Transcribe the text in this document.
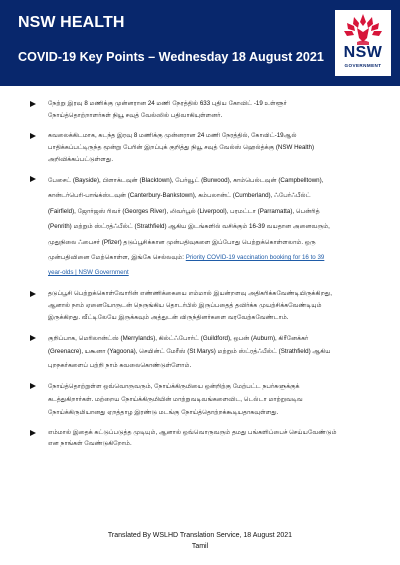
NSW HEALTH
COVID-19 Key Points – Wednesday 18 August 2021	NSW
GOVERNMENT
நேற்று இரவு 8 மணிக்கு முன்னரான 24 மணி நேரத்தில் 633 புதிய கோவிட் -19 உள்ளூர்
நோய்த்தொற்றாளர்கள் நியூ சவுத் வேல்ஸில் பதிவாகியுள்ளனர்.
கவலைக்கிடமாக, கடந்த இரவு 8 மணிக்கு முன்னரான 24 மணி நேரத்தில், கோவிட்-19ஆல்
பாதிக்கப்பட்டிருந்த மூன்று பேரின் இறப்புக் குறித்து நியூ சவுத் வேல்ஸ் ஹெல்த்க்கு (NSW Health)
அறிவிக்கப்பட்டுள்ளது.
பேசைட் (Bayside), பிளாக்டவுன் (Blacktown), பேர்வூட் (Burwood), காம்பெல்டவுன் (Campbelltown),
கான்டர்பெரி-பாங்க்ஸ்டவுன் (Canterbury-Bankstown), கம்பலான்ட் (Cumberland), ஃபேர்ஃபீல்ட்
(Fairfield), ஜோர்ஜஸ் ரிவர் (Georges River), லிவர்பூல் (Liverpool), பரமட்டா (Parramatta), பென்ரித்
(Penrith) மற்றும் ஸ்ட்ரத்ஃபீல்ட் (Strathfield) ஆகிய இடங்களில் வசிக்கும் 16-39 வயதான அனைவரும்,
முதுநிலை ஃபைசர் (Pfizer) தடுப்பூசிக்கான முன்பதிவுகளை இப்போது பெற்றுக்கொள்ளலாம். ஒரு
முன்பதிவினை மேற்கொள்ள, இங்கே செல்லவும்: Priority COVID-19 vaccination booking for 16 to 39
year-olds | NSW Government
தடுப்பூசி பெற்றுக்கொள்வோரின் எண்ணிக்கையை எம்மால் இயன்றளவு அதிகரிக்கவேண்டியிருக்கிறது,
ஆனால் நாம் ஏனையோருடன் நெருங்கிய தொடர்பில் இருப்பதைத் தவிர்க்க முயற்சிக்கவேண்டியும்
இருக்கிறது. வீட்டிலேயே இருக்கவும் அத்துடன் விருந்தினர்களை வரவேற்கவேண்டாம்.
குறிப்பாக, மெரிலான்ட்ஸ் (Merrylands), கில்ட்ஃபோர்ட் (Guildford), ஒபன் (Auburn), கிரீனேக்கர்
(Greenacre), யகூனா (Yagoona), செயின்ட் மேரீஸ் (St Marys) மற்றும் ஸ்ட்ரத்ஃபீல்ட் (Strathfield) ஆகிய
புறநகர்களைப் பற்றி நாம் கவலைகொண்டுள்ளோம்.
நோய்த்தொற்றுள்ள ஒவ்வொருவரும், நோய்க்கிருமியை ஒன்றிற்கு மேற்பட்ட நபர்களுக்குக்
கடத்துகிறார்கள். மற்றைய நோய்க்கிருமியின் மாற்றுவடிவங்களைவிட, டெல்டா மாற்றுவடிவ
நோய்க்கிருமியானது ஏறத்தாழ இரண்டு மடங்கு நோய்த்தொற்றக்கூடியதாகவுள்ளது.
எம்மால் இதைக் கட்டுப்படுத்த முடியும், ஆனால் ஒவ்வொருவரும் தமது பங்களிப்பைச் செய்யவேண்டும்
என நாங்கள் வேண்டுகிறோம்.
Translated By WSLHD Translation Service, 18 August 2021
Tamil
